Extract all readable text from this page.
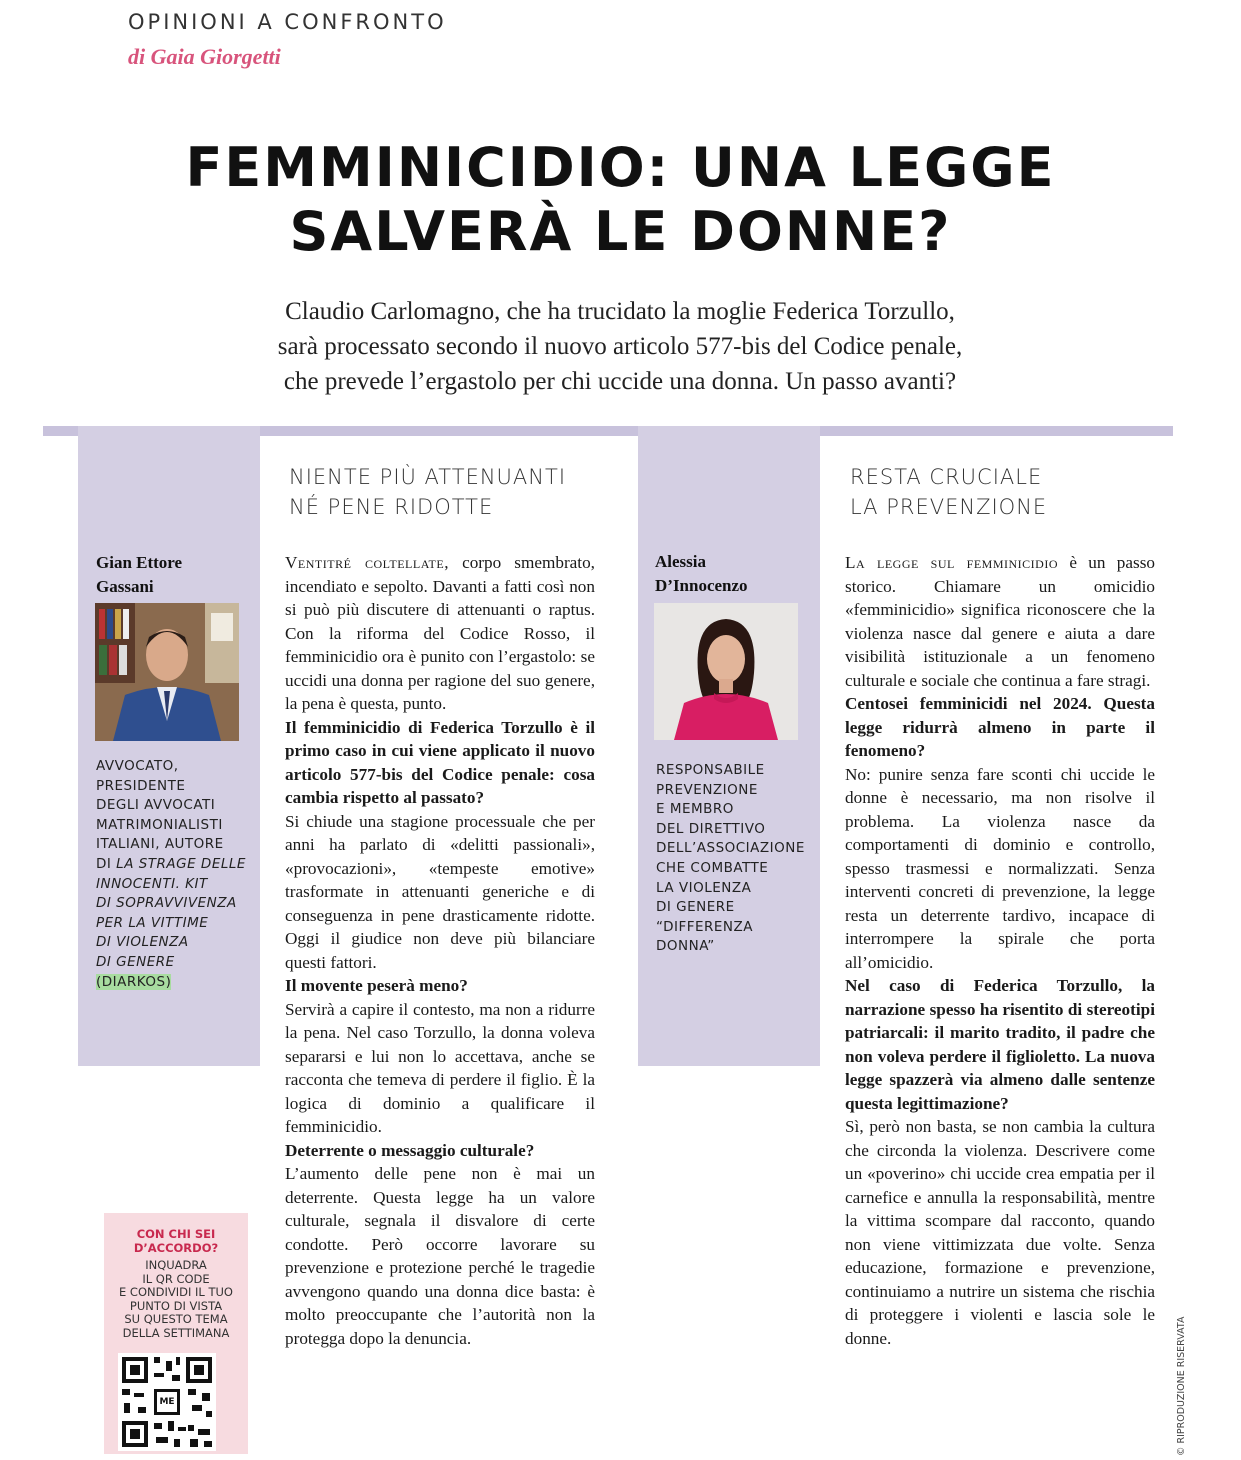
OPINIONI A CONFRONTO
di Gaia Giorgetti
FEMMINICIDIO: UNA LEGGE
SALVERÀ LE DONNE?
Claudio Carlomagno, che ha trucidato la moglie Federica Torzullo,
sarà processato secondo il nuovo articolo 577-bis del Codice penale,
che prevede l’ergastolo per chi uccide una donna. Un passo avanti?
Gian Ettore
Gassani
AVVOCATO,
PRESIDENTE
DEGLI AVVOCATI
MATRIMONIALISTI
ITALIANI, AUTORE
DI LA STRAGE DELLE
INNOCENTI. KIT
DI SOPRAVVIVENZA
PER LA VITTIME
DI VIOLENZA
DI GENERE
(DIARKOS)
NIENTE PIÙ ATTENUANTI
NÉ PENE RIDOTTE

Ventitré coltellate, corpo smembrato, incendiato e sepolto. Davanti a fatti così non si può più discutere di attenuanti o raptus. Con la riforma del Codice Rosso, il femminicidio ora è punito con l’ergastolo: se uccidi una donna per ragione del suo genere, la pena è questa, punto.

Il femminicidio di Federica Torzullo è il primo caso in cui viene applicato il nuovo articolo 577-bis del Codice penale: cosa cambia rispetto al passato?

Si chiude una stagione processuale che per anni ha parlato di «delitti passionali», «provocazioni», «tempeste emotive» trasformate in attenuanti generiche e di conseguenza in pene drasticamente ridotte. Oggi il giudice non deve più bilanciare questi fattori.

Il movente peserà meno?

Servirà a capire il contesto, ma non a ridurre la pena. Nel caso Torzullo, la donna voleva separarsi e lui non lo accettava, anche se racconta che temeva di perdere il figlio. È la logica di dominio a qualificare il femminicidio.

Deterrente o messaggio culturale?

L’aumento delle pene non è mai un deterrente. Questa legge ha un valore culturale, segnala il disvalore di certe condotte. Però occorre lavorare su prevenzione e protezione perché le tragedie avvengono quando una donna dice basta: è molto preoccupante che l’autorità non la protegga dopo la denuncia.

Alessia
D’Innocenzo
RESPONSABILE
PREVENZIONE
E MEMBRO
DEL DIRETTIVO
DELL’ASSOCIAZIONE
CHE COMBATTE
LA VIOLENZA
DI GENERE
“DIFFERENZA
DONNA”
RESTA CRUCIALE
LA PREVENZIONE

La legge sul femminicidio è un passo storico. Chiamare un omicidio «femminicidio» significa riconoscere che la violenza nasce dal genere e aiuta a dare visibilità istituzionale a un fenomeno culturale e sociale che continua a fare stragi.

Centosei femminicidi nel 2024. Questa legge ridurrà almeno in parte il fenomeno?

No: punire senza fare sconti chi uccide le donne è necessario, ma non risolve il problema. La violenza nasce da comportamenti di dominio e controllo, spesso trasmessi e normalizzati. Senza interventi concreti di prevenzione, la legge resta un deterrente tardivo, incapace di interrompere la spirale che porta all’omicidio.

Nel caso di Federica Torzullo, la narrazione spesso ha risentito di stereotipi patriarcali: il marito tradito, il padre che non voleva perdere il figlioletto. La nuova legge spazzerà via almeno dalle sentenze questa legittimazione?

Sì, però non basta, se non cambia la cultura che circonda la violenza. Descrivere come un «poverino» chi uccide crea empatia per il carnefice e annulla la responsabilità, mentre la vittima scompare dal racconto, quando non viene vittimizzata due volte. Senza educazione, formazione e prevenzione, continuiamo a nutrire un sistema che rischia di proteggere i violenti e lascia sole le donne.

CON CHI SEI
D’ACCORDO?
INQUADRA
IL QR CODE
E CONDIVIDI IL TUO
PUNTO DI VISTA
SU QUESTO TEMA
DELLA SETTIMANA
ME	© RIPRODUZIONE RISERVATA
